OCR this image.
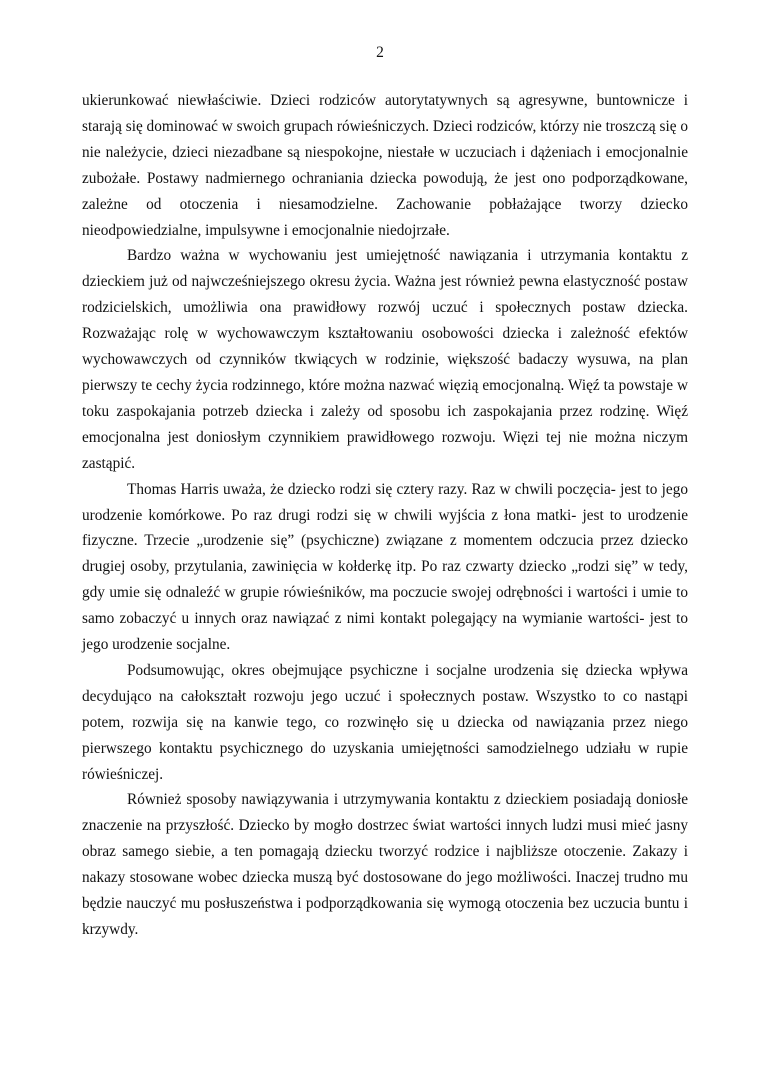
2

ukierunkować niewłaściwie. Dzieci rodziców autorytatywnych są agresywne, buntownicze i starają się dominować w swoich grupach rówieśniczych. Dzieci rodziców, którzy nie troszczą się o nie należycie, dzieci niezadbane są niespokojne, niestałe w uczuciach i dążeniach i emocjonalnie zubożałe. Postawy nadmiernego ochraniania dziecka powodują, że jest ono podporządkowane, zależne od otoczenia i niesamodzielne. Zachowanie pobłażające tworzy dziecko nieodpowiedzialne, impulsywne i emocjonalnie niedojrzałe.

Bardzo ważna w wychowaniu jest umiejętność nawiązania i utrzymania kontaktu z dzieckiem już od najwcześniejszego okresu życia. Ważna jest również pewna elastyczność postaw rodzicielskich, umożliwia ona prawidłowy rozwój uczuć i społecznych postaw dziecka. Rozważając rolę w wychowawczym kształtowaniu osobowości dziecka i zależność efektów wychowawczych od czynników tkwiących w rodzinie, większość badaczy wysuwa, na plan pierwszy te cechy życia rodzinnego, które można nazwać więzią emocjonalną. Więź ta powstaje w toku zaspokajania potrzeb dziecka i zależy od sposobu ich zaspokajania przez rodzinę. Więź emocjonalna jest doniosłym czynnikiem prawidłowego rozwoju. Więzi tej nie można niczym zastąpić.

Thomas Harris uważa, że dziecko rodzi się cztery razy. Raz w chwili poczęcia- jest to jego urodzenie komórkowe. Po raz drugi rodzi się w chwili wyjścia z łona matki- jest to urodzenie fizyczne. Trzecie „urodzenie się” (psychiczne) związane z momentem odczucia przez dziecko drugiej osoby, przytulania, zawinięcia w kołderkę itp. Po raz czwarty dziecko „rodzi się” w tedy, gdy umie się odnaleźć w grupie rówieśników, ma poczucie swojej odrębności i wartości i umie to samo zobaczyć u innych oraz nawiązać z nimi kontakt polegający na wymianie wartości- jest to jego urodzenie socjalne.

Podsumowując, okres obejmujące psychiczne i socjalne urodzenia się dziecka wpływa decydująco na całokształt rozwoju jego uczuć i społecznych postaw. Wszystko to co nastąpi potem, rozwija się na kanwie tego, co rozwinęło się u dziecka od nawiązania przez niego pierwszego kontaktu psychicznego do uzyskania umiejętności samodzielnego udziału w rupie rówieśniczej.

Również sposoby nawiązywania i utrzymywania kontaktu z dzieckiem posiadają doniosłe znaczenie na przyszłość. Dziecko by mogło dostrzec świat wartości innych ludzi musi mieć jasny obraz samego siebie, a ten pomagają dziecku tworzyć rodzice i najbliższe otoczenie. Zakazy i nakazy stosowane wobec dziecka muszą być dostosowane do jego możliwości. Inaczej trudno mu będzie nauczyć mu posłuszeństwa i podporządkowania się wymogą otoczenia bez uczucia buntu i krzywdy.
